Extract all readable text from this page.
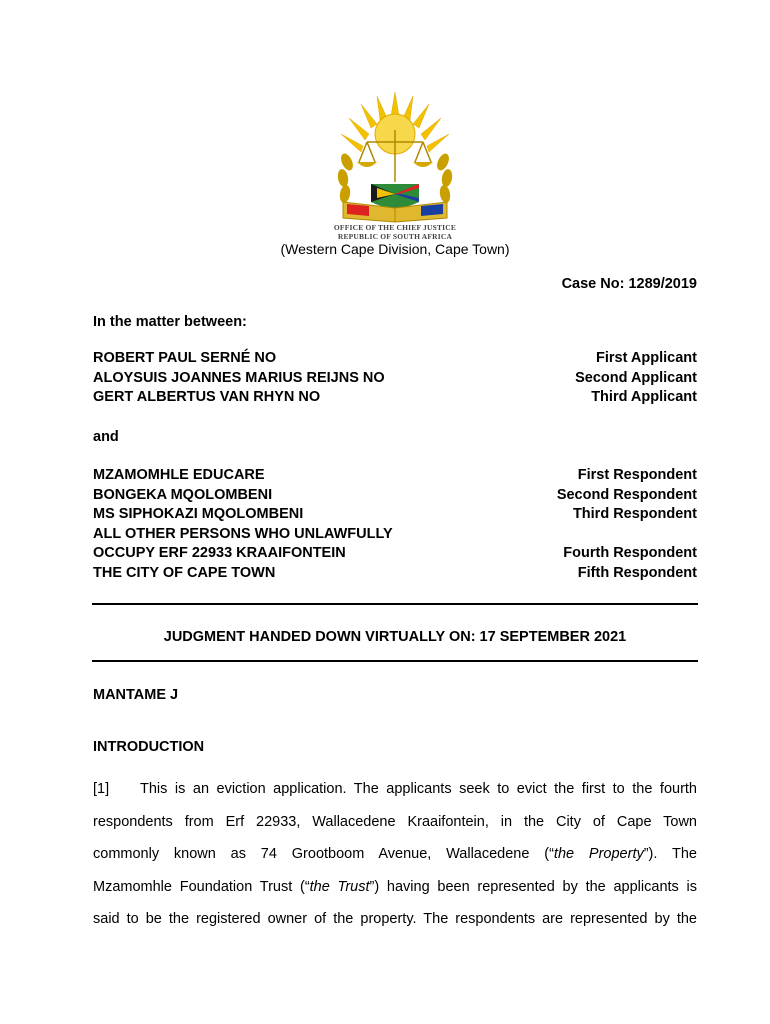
OFFICE OF THE CHIEF JUSTICE
REPUBLIC OF SOUTH AFRICA
(Western Cape Division, Cape Town)
Case No: 1289/2019
In the matter between:
ROBERT PAUL SERNÉ NO	First Applicant
ALOYSUIS JOANNES MARIUS REIJNS NO	Second Applicant
GERT ALBERTUS VAN RHYN NO	Third Applicant
and
MZAMOMHLE EDUCARE	First Respondent
BONGEKA MQOLOMBENI	Second Respondent
MS SIPHOKAZI MQOLOMBENI	Third Respondent
ALL OTHER PERSONS WHO UNLAWFULLY
OCCUPY ERF 22933 KRAAIFONTEIN	Fourth Respondent
THE CITY OF CAPE TOWN	Fifth Respondent
JUDGMENT HANDED DOWN VIRTUALLY ON: 17 SEPTEMBER 2021
MANTAME J
INTRODUCTION
[1] This is an eviction application. The applicants seek to evict the first to the fourth
respondents from Erf 22933, Wallacedene Kraaifontein, in the City of Cape Town
commonly known as 74 Grootboom Avenue, Wallacedene (“the Property”). The
Mzamomhle Foundation Trust (“the Trust”) having been represented by the applicants is
said to be the registered owner of the property. The respondents are represented by the
